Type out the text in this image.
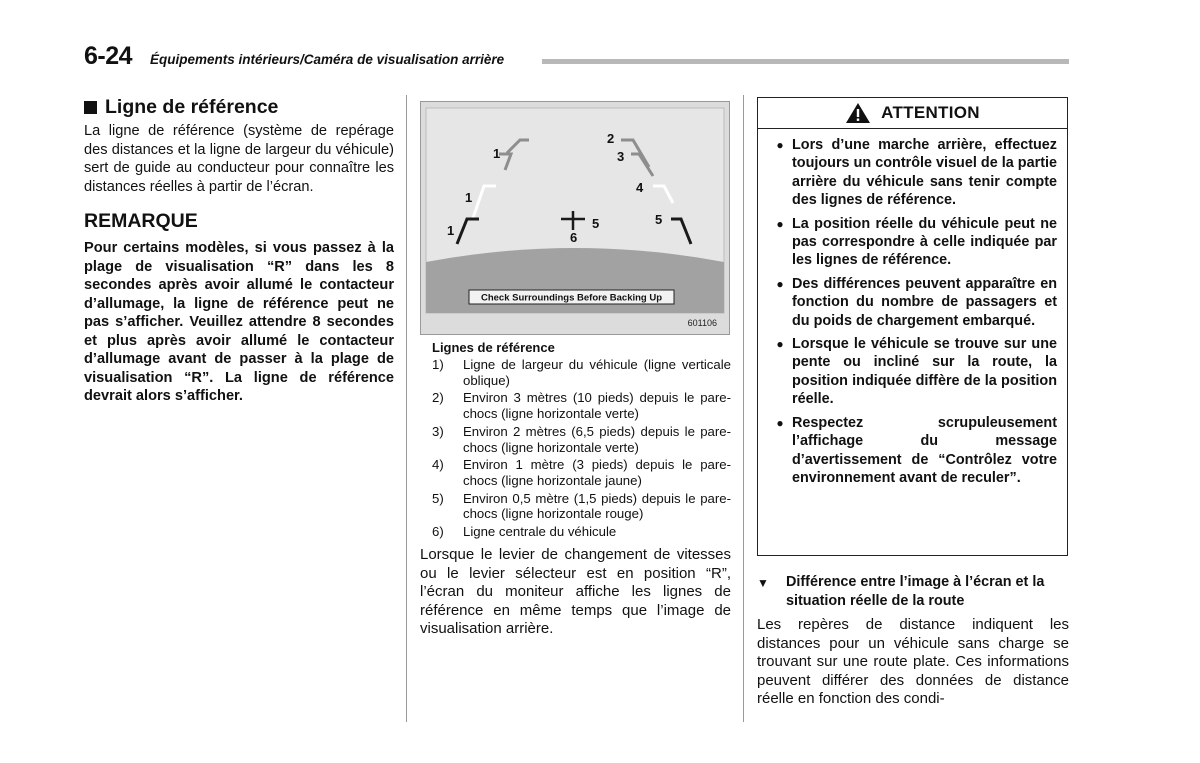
6-24 Équipements intérieurs/Caméra de visualisation arrière
Ligne de référence

La ligne de référence (système de repérage des distances et la ligne de largeur du véhicule) sert de guide au conducteur pour connaître les distances réelles à partir de l’écran.

REMARQUE

Pour certains modèles, si vous passez à la plage de visualisation “R” dans les 8 secondes après avoir allumé le contacteur d’allumage, la ligne de référence peut ne pas s’afficher. Veuillez attendre 8 secondes et plus après avoir allumé le contacteur d’allumage avant de passer à la plage de visualisation “R”. La ligne de référence devrait alors s’afficher.

1
1
1
2
3
4
5
5
6
Check Surroundings Before Backing Up
601106
Lignes de référence
1)	Ligne de largeur du véhicule (ligne verticale oblique)
2)	Environ 3 mètres (10 pieds) depuis le pare-chocs (ligne horizontale verte)
3)	Environ 2 mètres (6,5 pieds) depuis le pare-chocs (ligne horizontale verte)
4)	Environ 1 mètre (3 pieds) depuis le pare-chocs (ligne horizontale jaune)
5)	Environ 0,5 mètre (1,5 pieds) depuis le pare-chocs (ligne horizontale rouge)
6)	Ligne centrale du véhicule

Lorsque le levier de changement de vitesses ou le levier sélecteur est en position “R”, l’écran du moniteur affiche les lignes de référence en même temps que l’image de visualisation arrière.

ATTENTION
● Lors d’une marche arrière, effectuez toujours un contrôle visuel de la partie arrière du véhicule sans tenir compte des lignes de référence.
● La position réelle du véhicule peut ne pas correspondre à celle indiquée par les lignes de référence.
● Des différences peuvent apparaître en fonction du nombre de passagers et du poids de chargement embarqué.
● Lorsque le véhicule se trouve sur une pente ou incliné sur la route, la position indiquée diffère de la position réelle.
● Respectez scrupuleusement l’affichage du message d’avertissement de “Contrôlez votre environnement avant de reculer”.
▼	Différence entre l’image à l’écran et la situation réelle de la route

Les repères de distance indiquent les distances pour un véhicule sans charge se trouvant sur une route plate. Ces informations peuvent différer des données de distance réelle en fonction des condi-
